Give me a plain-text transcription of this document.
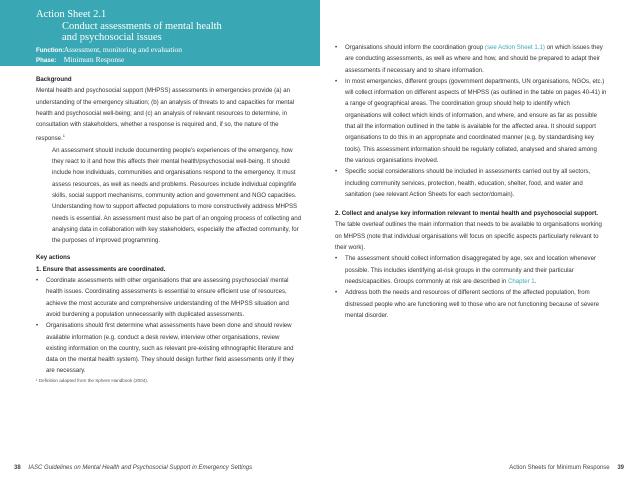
Action Sheet 2.1
Conduct assessments of mental health
and psychosocial issues
Function: Assessment, monitoring and evaluation
Phase: Minimum Response

Background

Mental health and psychosocial support (MHPSS) assessments in emergencies provide (a) an understanding of the emergency situation; (b) an analysis of threats to and capacities for mental health and psychosocial well-being; and (c) an analysis of relevant resources to determine, in consultation with stakeholders, whether a response is required and, if so, the nature of the response.$^1$

An assessment should include documenting people's experiences of the emergency, how they react to it and how this affects their mental health/psychosocial well-being. It should include how individuals, communities and organisations respond to the emergency. It must assess resources, as well as needs and problems. Resources include individual coping/life skills, social support mechanisms, community action and government and NGO capacities. Understanding how to support affected populations to more constructively address MHPSS needs is essential. An assessment must also be part of an ongoing process of collecting and analysing data in collaboration with key stakeholders, especially the affected community, for the purposes of improved programming.

Key actions

1. Ensure that assessments are coordinated.

• Coordinate assessments with other organisations that are assessing psychosocial/ mental health issues. Coordinating assessments is essential to ensure efficient use of resources, achieve the most accurate and comprehensive understanding of the MHPSS situation and avoid burdening a population unnecessarily with duplicated assessments.
• Organisations should first determine what assessments have been done and should review available information (e.g. conduct a desk review, interview other organisations, review existing information on the country, such as relevant pre-existing ethnographic literature and data on the mental health system). They should design further field assessments only if they are necessary.

¹ Definition adapted from the Sphere Handbook (2004).

• Organisations should inform the coordination group (see Action Sheet 1.1) on which issues they are conducting assessments, as well as where and how, and should be prepared to adapt their assessments if necessary and to share information.
• In most emergencies, different groups (government departments, UN organisations, NGOs, etc.) will collect information on different aspects of MHPSS (as outlined in the table on pages 40-41) in a range of geographical areas. The coordination group should help to identify which organisations will collect which kinds of information, and where, and ensure as far as possible that all the information outlined in the table is available for the affected area. It should support organisations to do this in an appropriate and coordinated manner (e.g. by standardising key tools). This assessment information should be regularly collated, analysed and shared among the various organisations involved.
• Specific social considerations should be included in assessments carried out by all sectors, including community services, protection, health, education, shelter, food, and water and sanitation (see relevant Action Sheets for each sector/domain).

2. Collect and analyse key information relevant to mental health and psychosocial support.

The table overleaf outlines the main information that needs to be available to organisations working on MHPSS (note that individual organisations will focus on specific aspects particularly relevant to their work).

• The assessment should collect information disaggregated by age, sex and location whenever possible. This includes identifying at-risk groups in the community and their particular needs/capacities. Groups commonly at risk are described in Chapter 1.
• Address both the needs and resources of different sections of the affected population, from distressed people who are functioning well to those who are not functioning because of severe mental disorder.
38 IASC Guidelines on Mental Health and Psychosocial Support in Emergency Settings	Action Sheets for Minimum Response 39
